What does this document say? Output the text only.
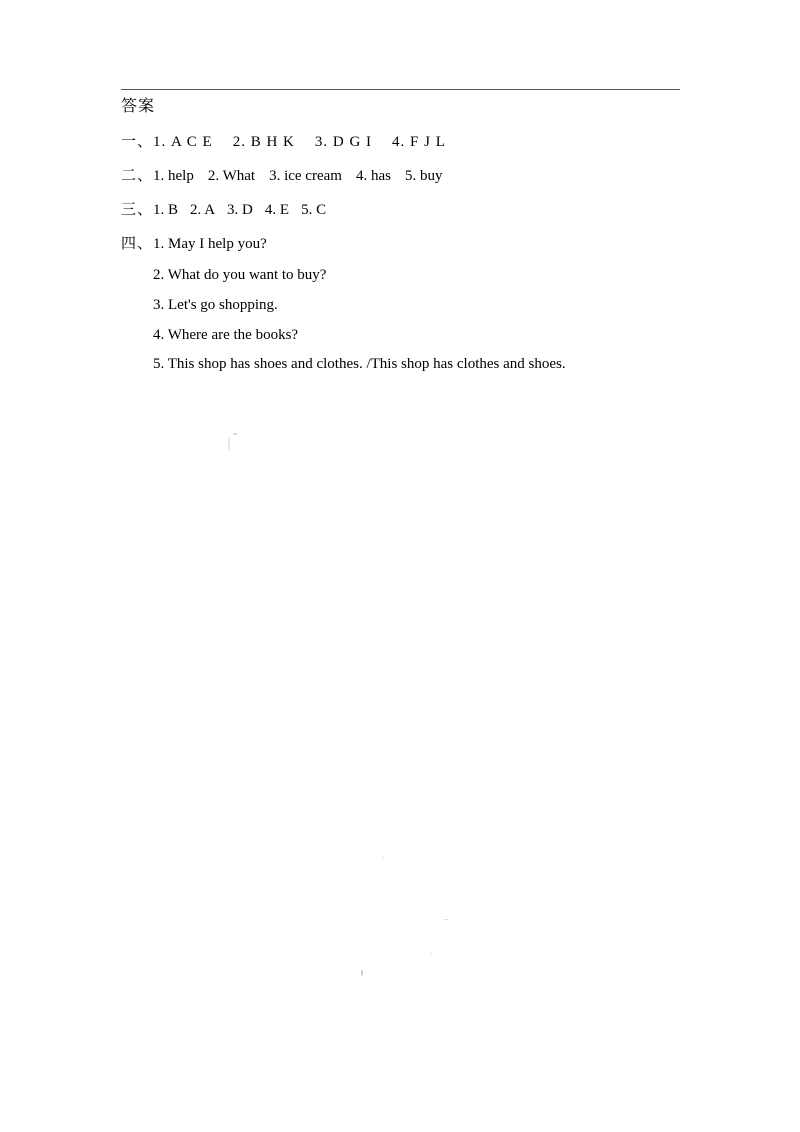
答案
一、1. A C E 2. B H K 3. D G I 4. F J L
二、1. help 2. What 3. ice cream 4. has 5. buy
三、1. B 2. A 3. D 4. E 5. C
四、1. May I help you?
2. What do you want to buy?
3. Let's go shopping.
4. Where are the books?
5. This shop has shoes and clothes. /This shop has clothes and shoes.
